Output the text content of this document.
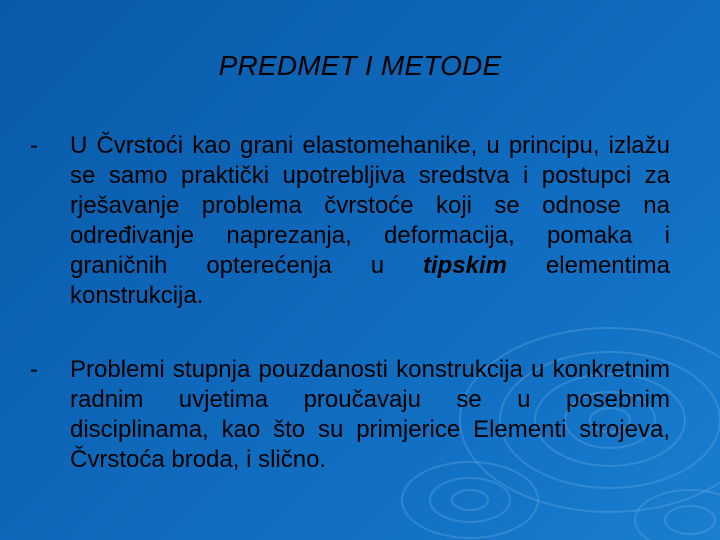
PREDMET I METODE
-	U Čvrstoći kao grani elastomehanike, u principu, izlažu se samo praktički upotrebljiva sredstva i postupci za rješavanje problema čvrstoće koji se odnose na određivanje naprezanja, deformacija, pomaka i graničnih opterećenja u tipskim elementima konstrukcija.
-	Problemi stupnja pouzdanosti konstrukcija u konkretnim radnim uvjetima proučavaju se u posebnim disciplinama, kao što su primjerice Elementi strojeva, Čvrstoća broda, i slično.
